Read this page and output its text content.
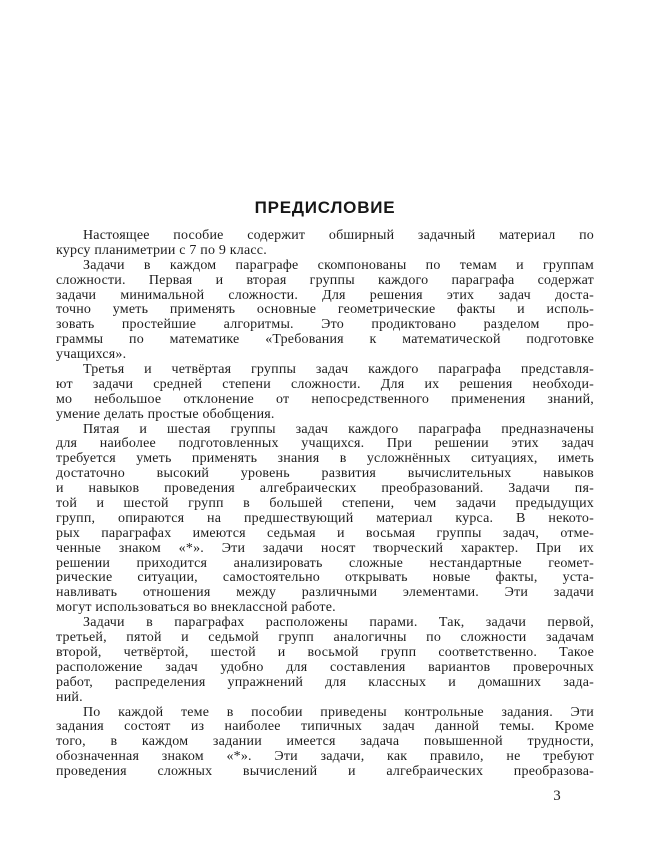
ПРЕДИСЛОВИЕ

Настоящее пособие содержит обширный задачный материал по
курсу планиметрии с 7 по 9 класс.

Задачи в каждом параграфе скомпонованы по темам и группам
сложности. Первая и вторая группы каждого параграфа содержат
задачи минимальной сложности. Для решения этих задач доста-
точно уметь применять основные геометрические факты и исполь-
зовать простейшие алгоритмы. Это продиктовано разделом про-
граммы по математике «Требования к математической подготовке
учащихся».

Третья и четвёртая группы задач каждого параграфа представля-
ют задачи средней степени сложности. Для их решения необходи-
мо небольшое отклонение от непосредственного применения знаний,
умение делать простые обобщения.

Пятая и шестая группы задач каждого параграфа предназначены
для наиболее подготовленных учащихся. При решении этих задач
требуется уметь применять знания в усложнённых ситуациях, иметь
достаточно высокий уровень развития вычислительных навыков
и навыков проведения алгебраических преобразований. Задачи пя-
той и шестой групп в большей степени, чем задачи предыдущих
групп, опираются на предшествующий материал курса. В некото-
рых параграфах имеются седьмая и восьмая группы задач, отме-
ченные знаком «*». Эти задачи носят творческий характер. При их
решении приходится анализировать сложные нестандартные геомет-
рические ситуации, самостоятельно открывать новые факты, уста-
навливать отношения между различными элементами. Эти задачи
могут использоваться во внеклассной работе.

Задачи в параграфах расположены парами. Так, задачи первой,
третьей, пятой и седьмой групп аналогичны по сложности задачам
второй, четвёртой, шестой и восьмой групп соответственно. Такое
расположение задач удобно для составления вариантов проверочных
работ, распределения упражнений для классных и домашних зада-
ний.

По каждой теме в пособии приведены контрольные задания. Эти
задания состоят из наиболее типичных задач данной темы. Кроме
того, в каждом задании имеется задача повышенной трудности,
обозначенная знаком «*». Эти задачи, как правило, не требуют
проведения сложных вычислений и алгебраических преобразова-

3
